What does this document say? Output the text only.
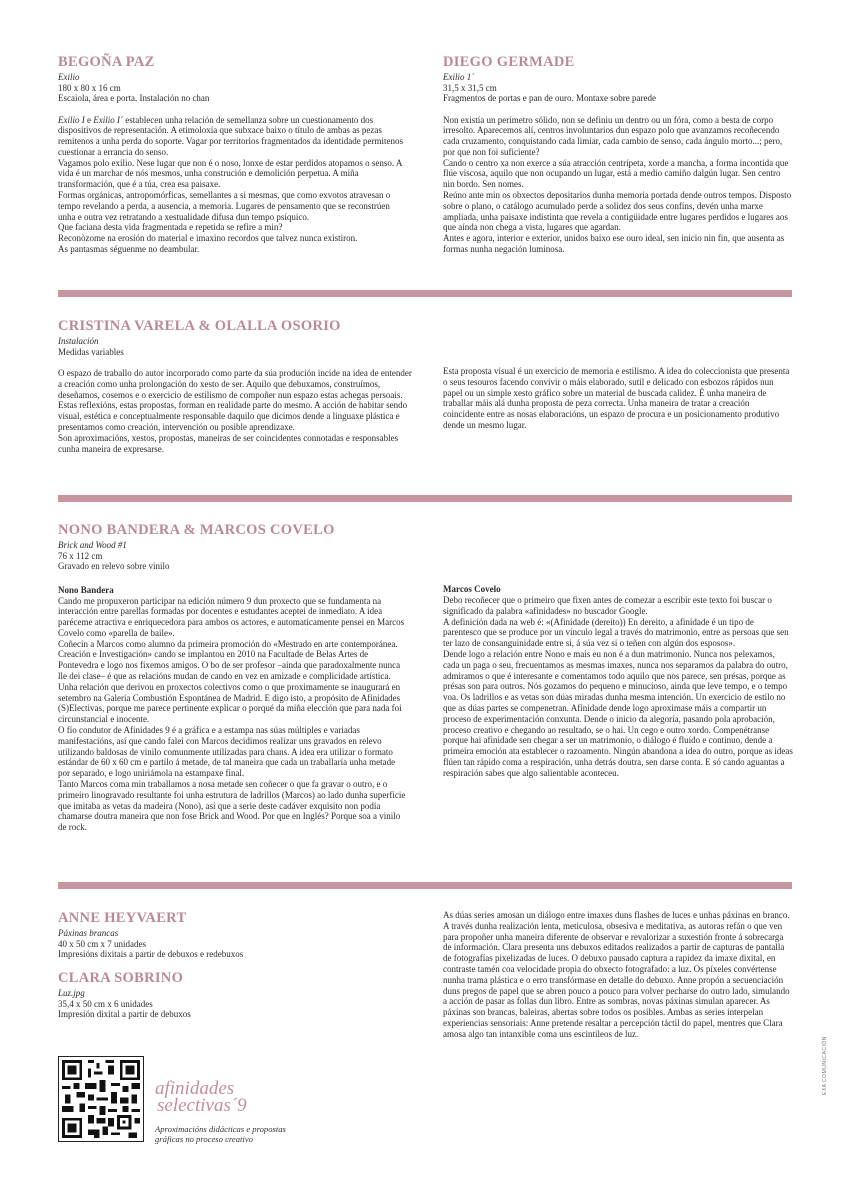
BEGOÑA PAZ

Exilio

180 x 80 x 16 cm

Escaiola, área e porta. Instalación no chan

Exilio I e Exilio I´ establecen unha relación de semellanza sobre un cuestionamento dos dispositivos de representación. A etimoloxía que subxace baixo o título de ambas as pezas remitenos a unha perda do soporte. Vagar por territorios fragmentados da identidade permitenos cuestionar a errancia do senso.
Vagamos polo exilio. Nese lugar que non é o noso, lonxe de estar perdidos atopamos o senso. A vida é un marchar de nós mesmos, unha construción e demolición perpetua. A miña transformación, que é a túa, crea esa paisaxe.
Formas orgánicas, antropomórficas, semellantes a si mesmas, que como exvotos atravesan o tempo revelando a perda, a ausencia, a memoria. Lugares de pensamento que se reconstrúen unha e outra vez retratando a xestualidade difusa dun tempo psíquico.
Que faciana desta vida fragmentada e repetida se refire a min?
Reconòzome na erosión do material e imaxino recordos que talvez nunca existiron.
As pantasmas séguenme no deambular.

DIEGO GERMADE

Exilio 1´

31,5 x 31,5 cm

Fragmentos de portas e pan de ouro. Montaxe sobre parede

Non existía un perímetro sólido, non se definiu un dentro ou un fóra, como a besta de corpo irresolto. Aparecemos alí, centros involuntarios dun espazo polo que avanzamos recoñecendo cada cruzamento, conquistando cada limiar, cada cambio de senso, cada ángulo morto...; pero, por que non foi suficiente?
Cando o centro xa non exerce a súa atracción centrípeta, xorde a mancha, a forma incontida que flúe viscosa, aquilo que non ocupando un lugar, está a medio camiño dalgún lugar. Sen centro nin bordo. Sen nomes.
Reúno ante min os obxectos depositarios dunha memoria portada dende outros tempos. Disposto sobre o plano, o catálogo acumulado perde a solidez dos seus confíns, devén unha marxe ampliada, unha paisaxe indistinta que revela a contigüidade entre lugares perdidos e lugares aos que aínda non chega a vista, lugares que agardan.
Antes e agora, interior e exterior, unidos baixo ese ouro ideal, sen inicio nin fin, que ausenta as formas nunha negación luminosa.

CRISTINA VARELA & OLALLA OSORIO

Instalación

Medidas variables

O espazo de traballo do autor incorporado como parte da súa produción incide na idea de entender a creación como unha prolongación do xesto de ser. Aquilo que debuxamos, construímos, deseñamos, cosemos e o exercicio de estilismo de compoñer nun espazo estas achegas persoais.
Estas reflexións, estas propostas, forman en realidade parte do mesmo. A acción de habitar sendo visual, estética e conceptualmente responsable daquilo que dicimos dende a linguaxe plástica e presentamos como creación, intervención ou posible aprendizaxe.
Son aproximacións, xestos, propostas, maneiras de ser coincidentes connotadas e responsables cunha maneira de expresarse.

Esta proposta visual é un exercicio de memoria e estilismo. A idea do coleccionista que presenta o seus tesouros facendo convivir o máis elaborado, sutil e delicado con esbozos rápidos nun papel ou un simple xesto gráfico sobre un material de buscada calidez. É unha maneira de traballar máis alá dunha proposta de peza correcta. Unha maneira de tratar a creación coincidente entre as nosas elaboracións, un espazo de procura e un posicionamento produtivo dende un mesmo lugar.

NONO BANDERA & MARCOS COVELO

Brick and Wood #1

76 x 112 cm

Gravado en relevo sobre vinilo

Nono Bandera

Cando me propuxeron participar na edición número 9 dun proxecto que se fundamenta na interacción entre parellas formadas por docentes e estudantes aceptei de inmediato. A idea parécemе atractiva e enriquecedora para ambos os actores, e automaticamente pensei en Marcos Covelo como «parella de baile».
Coñecín a Marcos como alumno da primeira promoción do «Mestrado en arte contemporánea. Creación e Investigación» cando se implantou en 2010 na Facultade de Belas Artes de Pontevedra e logo nos fixemos amigos. O bo de ser profesor –ainda que paradoxalmente nunca lle dei clase– é que as relacións mudan de cando en vez en amizade e complicidade artística. Unha relación que derivou en proxectos colectivos como o que proximamente se inaugurará en setembro na Galería Combustión Espontánea de Madrid. E digo isto, a propósito de Afinidades (S)Electivas, porque me parece pertinente explicar o porqué da miña elección que para nada foi circunstancial e inocente.
O fío condutor de Afinidades 9 é a gráfica e a estampa nas súas múltiples e variadas manifestacións, así que cando falei con Marcos decidimos realizar uns gravados en relevo utilizando baldosas de vinilo comunmente utilizadas para chans. A idea era utilizar o formato estándar de 60 x 60 cm e partilo á metade, de tal maneira que cada un traballaría unha metade por separado, e logo uniriámola na estampaxe final.
Tanto Marcos coma min traballamos a nosa metade sen coñecer o que fa gravar o outro, e o primeiro linogravado resultante foi unha estrutura de ladrillos (Marcos) ao lado dunha superficie que imitaba as vetas da madeira (Nono), así que a serie deste cadáver exquisito non podía chamarse doutra maneira que non fose Brick and Wood. Por que en Inglés? Porque soa a vinilo de rock.

Marcos Covelo

Debo recoñecer que o primeiro que fixen antes de comezar a escribir este texto foi buscar o significado da palabra «afinidades» no buscador Google.
A definición dada na web é: «(Afinidade (dereito)) En dereito, a afinidade é un tipo de parentesco que se produce por un vínculo legal a través do matrimonio, entre as persoas que sen ter lazo de consanguinidade entre si, á súa vez si o teñen con algún dos esposos».
Dende logo a relación entre Nono e mais eu non é a dun matrimonio. Nunca nos pelexamos, cada un paga o seu, frecuentamos as mesmas imaxes, nunca nos separamos da palabra do outro, admiramos o que é interesante e comentamos todo aquilo que nos parece, sen présas, porque as présas son para outros. Nós gozamos do pequeno e minucioso, ainda que leve tempo, e o tempo voa. Os ladrillos e as vetas son dúas miradas dunha mesma intención. Un exercicio de estilo no que as dúas partes se compenetran. Afinidade dende logo aproximase máis a compartir un proceso de experimentación conxunta. Dende o inicio da alegoría, pasando pola aprobación, proceso creativo e chegando ao resultado, se o hai. Un cego e outro xordo. Compenétranse porque hai afinidade sen chegar a ser un matrimonio, o diálogo é fluído e continuo, dende a primeira emoción ata establecer o razoamento. Ningún abandona a idea do outro, porque as ideas flúen tan rápido coma a respiración, unha detrás doutra, sen darse conta. E só cando aguantas a respiración sabes que algo salientable aconteceu.

ANNE HEYVAERT

Páxinas brancas

40 x 50 cm x 7 unidades

Impresións dixitais a partir de debuxos e redebuxos

CLARA SOBRINO

Luz.jpg

35,4 x 50 cm x 6 unidades

Impresión dixital a partir de debuxos

As dúas series amosan un diálogo entre imaxes duns flashes de luces e unhas páxinas en branco. A través dunha realización lenta, meticulosa, obsesiva e meditativa, as autoras refán o que ven para propoñer unha maneira diferente de observar e revalorizar a suxestión fronte á sobrecarga de información. Clara presenta uns debuxos editados realizados a partir de capturas de pantalla de fotografías pixelizadas de luces. O debuxo pausado captura a rapidez da imaxe dixital, en contraste tamén coa velocidade propia do obxecto fotografado: a luz. Os píxeles convértense nunha trama plástica e o erro transfórmase en detalle do debuxo. Anne propón a secuenciación duns pregos de papel que se abren pouco a pouco para volver pecharse do outro lado, simulando a acción de pasar as follas dun libro. Entre as sombras, novas páxinas simulan aparecer. As páxinas son brancas, baleiras, abertas sobre todos os posibles. Ambas as series interpelan experiencias sensoriais: Anne pretende resaltar a percepción táctil do papel, mentres que Clara amosa algo tan intanxible coma uns escintileos de luz.

afinidades
selectivas´9
Aproximacións didácticas e propostas
gráficas no proceso creativo
EXA COMUNICACIÓN
